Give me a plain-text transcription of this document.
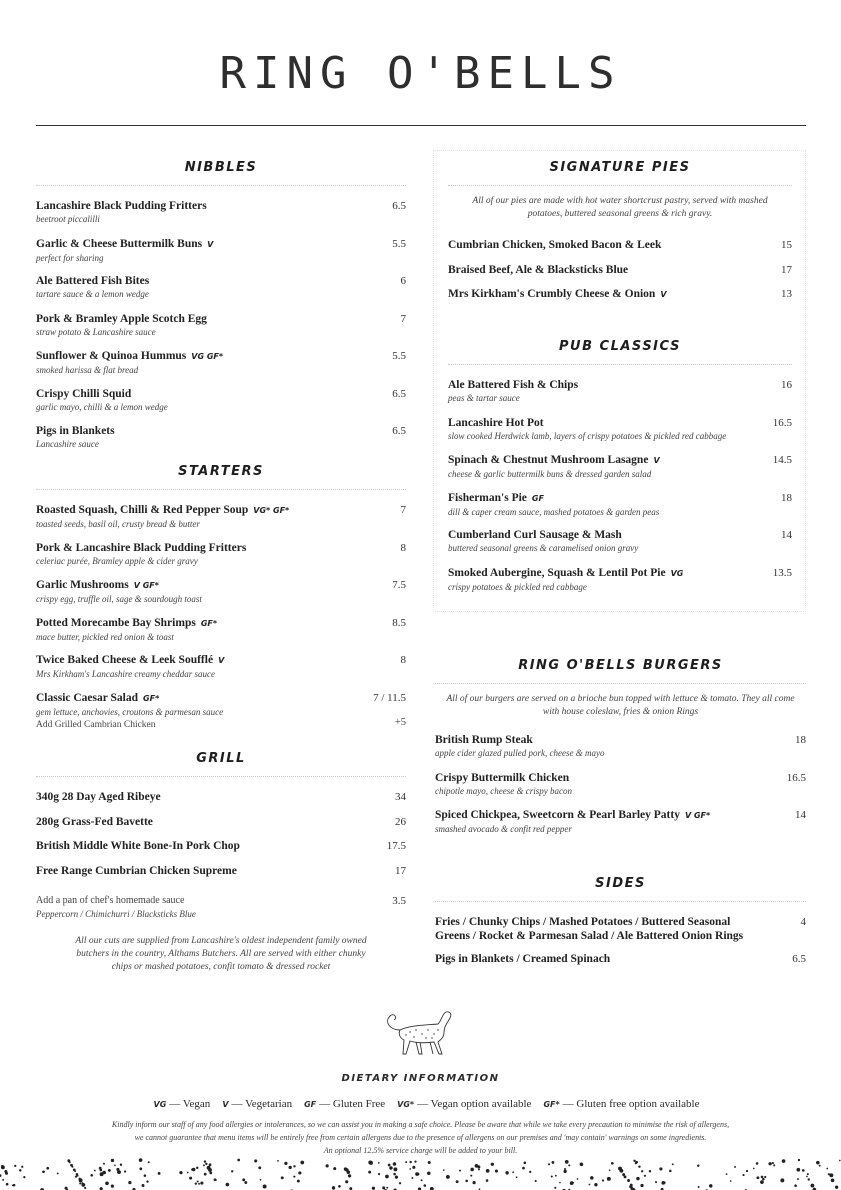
RING O'BELLS
NIBBLES
Lancashire Black Pudding Fritters
beetroot piccalilli
6.5
Garlic & Cheese Buttermilk Buns V
perfect for sharing
5.5
Ale Battered Fish Bites
tartare sauce & a lemon wedge
6
Pork & Bramley Apple Scotch Egg
straw potato & Lancashire sauce
7
Sunflower & Quinoa Hummus VG GF*
smoked harissa & flat bread
5.5
Crispy Chilli Squid
garlic mayo, chilli & a lemon wedge
6.5
Pigs in Blankets
Lancashire sauce
6.5
STARTERS
Roasted Squash, Chilli & Red Pepper Soup VG* GF*
toasted seeds, basil oil, crusty bread & butter
7
Pork & Lancashire Black Pudding Fritters
celeriac purée, Bramley apple & cider gravy
8
Garlic Mushrooms V GF*
crispy egg, truffle oil, sage & sourdough toast
7.5
Potted Morecambe Bay Shrimps GF*
mace butter, pickled red onion & toast
8.5
Twice Baked Cheese & Leek Soufflé V
Mrs Kirkham's Lancashire creamy cheddar sauce
8
Classic Caesar Salad GF*
gem lettuce, anchovies, croutons & parmesan sauce
Add Grilled Cambrian Chicken	+5
7 / 11.5
GRILL
340g 28 Day Aged Ribeye	34
280g Grass-Fed Bavette	26
British Middle White Bone-In Pork Chop	17.5
Free Range Cumbrian Chicken Supreme	17
Add a pan of chef's homemade sauce
Peppercorn / Chimichurri / Blacksticks Blue
3.5
All our cuts are supplied from Lancashire's oldest independent family owned butchers in the country, Althams Butchers. All are served with either chunky chips or mashed potatoes, confit tomato & dressed rocket
SIGNATURE PIES
All of our pies are made with hot water shortcrust pastry, served with mashed potatoes, buttered seasonal greens & rich gravy.
Cumbrian Chicken, Smoked Bacon & Leek	15
Braised Beef, Ale & Blacksticks Blue	17
Mrs Kirkham's Crumbly Cheese & Onion V	13
PUB CLASSICS
Ale Battered Fish & Chips
peas & tartar sauce
16
Lancashire Hot Pot
slow cooked Herdwick lamb, layers of crispy potatoes & pickled red cabbage
16.5
Spinach & Chestnut Mushroom Lasagne V
cheese & garlic buttermilk buns & dressed garden salad
14.5
Fisherman's Pie GF
dill & caper cream sauce, mashed potatoes & garden peas
18
Cumberland Curl Sausage & Mash
buttered seasonal greens & caramelised onion gravy
14
Smoked Aubergine, Squash & Lentil Pot Pie VG
crispy potatoes & pickled red cabbage
13.5
RING O'BELLS BURGERS
All of our burgers are served on a brioche bun topped with lettuce & tomato. They all come with house coleslaw, fries & onion Rings
British Rump Steak
apple cider glazed pulled pork, cheese & mayo
18
Crispy Buttermilk Chicken
chipotle mayo, cheese & crispy bacon
16.5
Spiced Chickpea, Sweetcorn & Pearl Barley Patty V GF*
smashed avocado & confit red pepper
14
SIDES
Fries / Chunky Chips / Mashed Potatoes / Buttered Seasonal Greens / Rocket & Parmesan Salad / Ale Battered Onion Rings
4
Pigs in Blankets / Creamed Spinach	6.5
DIETARY INFORMATION
VG — Vegan V — Vegetarian GF — Gluten Free VG* — Vegan option available GF* — Gluten free option available
Kindly inform our staff of any food allergies or intolerances, so we can assist you in making a safe choice. Please be aware that while we take every precaution to minimise the risk of allergens,
we cannot guarantee that menu items will be entirely free from certain allergens due to the presence of allergens on our premises and 'may contain' warnings on some ingredients.
An optional 12.5% service charge will be added to your bill.
